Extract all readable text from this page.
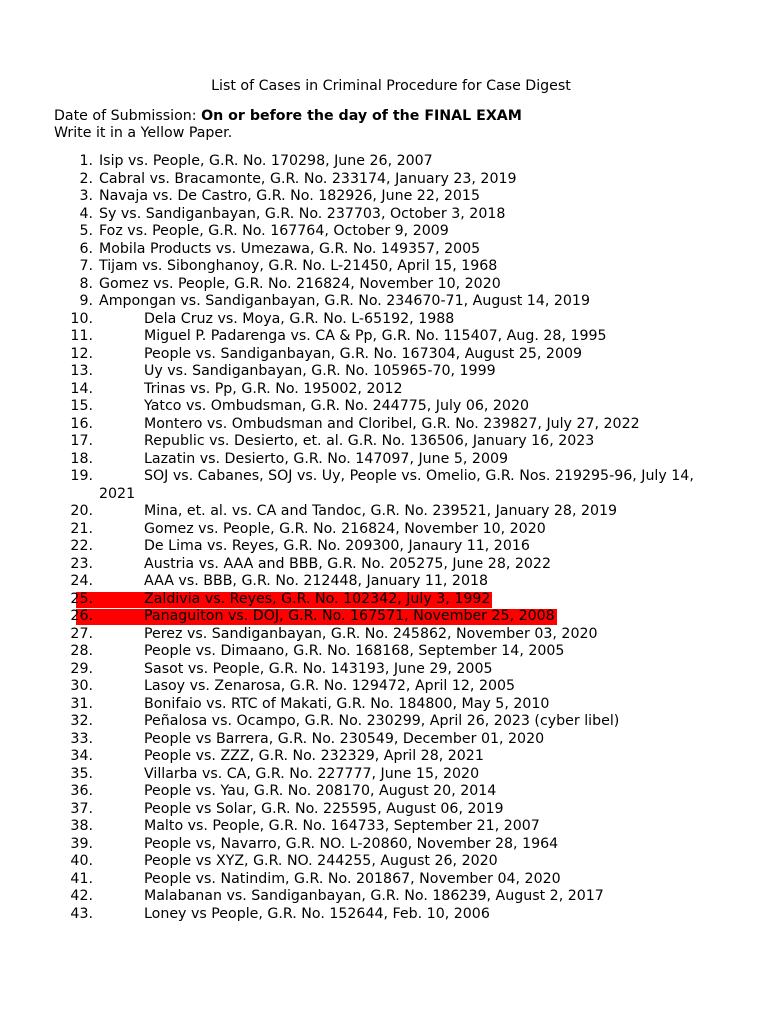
List of Cases in Criminal Procedure for Case Digest
Date of Submission: On or before the day of the FINAL EXAM
Write it in a Yellow Paper.
1. Isip vs. People, G.R. No. 170298, June 26, 2007
2. Cabral vs. Bracamonte, G.R. No. 233174, January 23, 2019
3. Navaja vs. De Castro, G.R. No. 182926, June 22, 2015
4. Sy vs. Sandiganbayan, G.R. No. 237703, October 3, 2018
5. Foz vs. People, G.R. No. 167764, October 9, 2009
6. Mobila Products vs. Umezawa, G.R. No. 149357, 2005
7. Tijam vs. Sibonghanoy, G.R. No. L-21450, April 15, 1968
8. Gomez vs. People, G.R. No. 216824, November 10, 2020
9. Ampongan vs. Sandiganbayan, G.R. No. 234670-71, August 14, 2019
10.	Dela Cruz vs. Moya, G.R. No. L-65192, 1988
11.	Miguel P. Padarenga vs. CA & Pp, G.R. No. 115407, Aug. 28, 1995
12.	People vs. Sandiganbayan, G.R. No. 167304, August 25, 2009
13.	Uy vs. Sandiganbayan, G.R. No. 105965-70, 1999
14.	Trinas vs. Pp, G.R. No. 195002, 2012
15.	Yatco vs. Ombudsman, G.R. No. 244775, July 06, 2020
16.	Montero vs. Ombudsman and Cloribel, G.R. No. 239827, July 27, 2022
17.	Republic vs. Desierto, et. al. G.R. No. 136506, January 16, 2023
18.	Lazatin vs. Desierto, G.R. No. 147097, June 5, 2009
19.	SOJ vs. Cabanes, SOJ vs. Uy, People vs. Omelio, G.R. Nos. 219295-96, July 14,
2021
20.	Mina, et. al. vs. CA and Tandoc, G.R. No. 239521, January 28, 2019
21.	Gomez vs. People, G.R. No. 216824, November 10, 2020
22.	De Lima vs. Reyes, G.R. No. 209300, Janaury 11, 2016
23.	Austria vs. AAA and BBB, G.R. No. 205275, June 28, 2022
24.	AAA vs. BBB, G.R. No. 212448, January 11, 2018
25.	Zaldivia vs. Reyes, G.R. No. 102342, July 3, 1992
26.	Panaguiton vs. DOJ, G.R. No. 167571, November 25, 2008
27.	Perez vs. Sandiganbayan, G.R. No. 245862, November 03, 2020
28.	People vs. Dimaano, G.R. No. 168168, September 14, 2005
29.	Sasot vs. People, G.R. No. 143193, June 29, 2005
30.	Lasoy vs. Zenarosa, G.R. No. 129472, April 12, 2005
31.	Bonifaio vs. RTC of Makati, G.R. No. 184800, May 5, 2010
32.	Peñalosa vs. Ocampo, G.R. No. 230299, April 26, 2023 (cyber libel)
33.	People vs Barrera, G.R. No. 230549, December 01, 2020
34.	People vs. ZZZ, G.R. No. 232329, April 28, 2021
35.	Villarba vs. CA, G.R. No. 227777, June 15, 2020
36.	People vs. Yau, G.R. No. 208170, August 20, 2014
37.	People vs Solar, G.R. No. 225595, August 06, 2019
38.	Malto vs. People, G.R. No. 164733, September 21, 2007
39.	People vs, Navarro, G.R. NO. L-20860, November 28, 1964
40.	People vs XYZ, G.R. NO. 244255, August 26, 2020
41.	People vs. Natindim, G.R. No. 201867, November 04, 2020
42.	Malabanan vs. Sandiganbayan, G.R. No. 186239, August 2, 2017
43.	Loney vs People, G.R. No. 152644, Feb. 10, 2006
